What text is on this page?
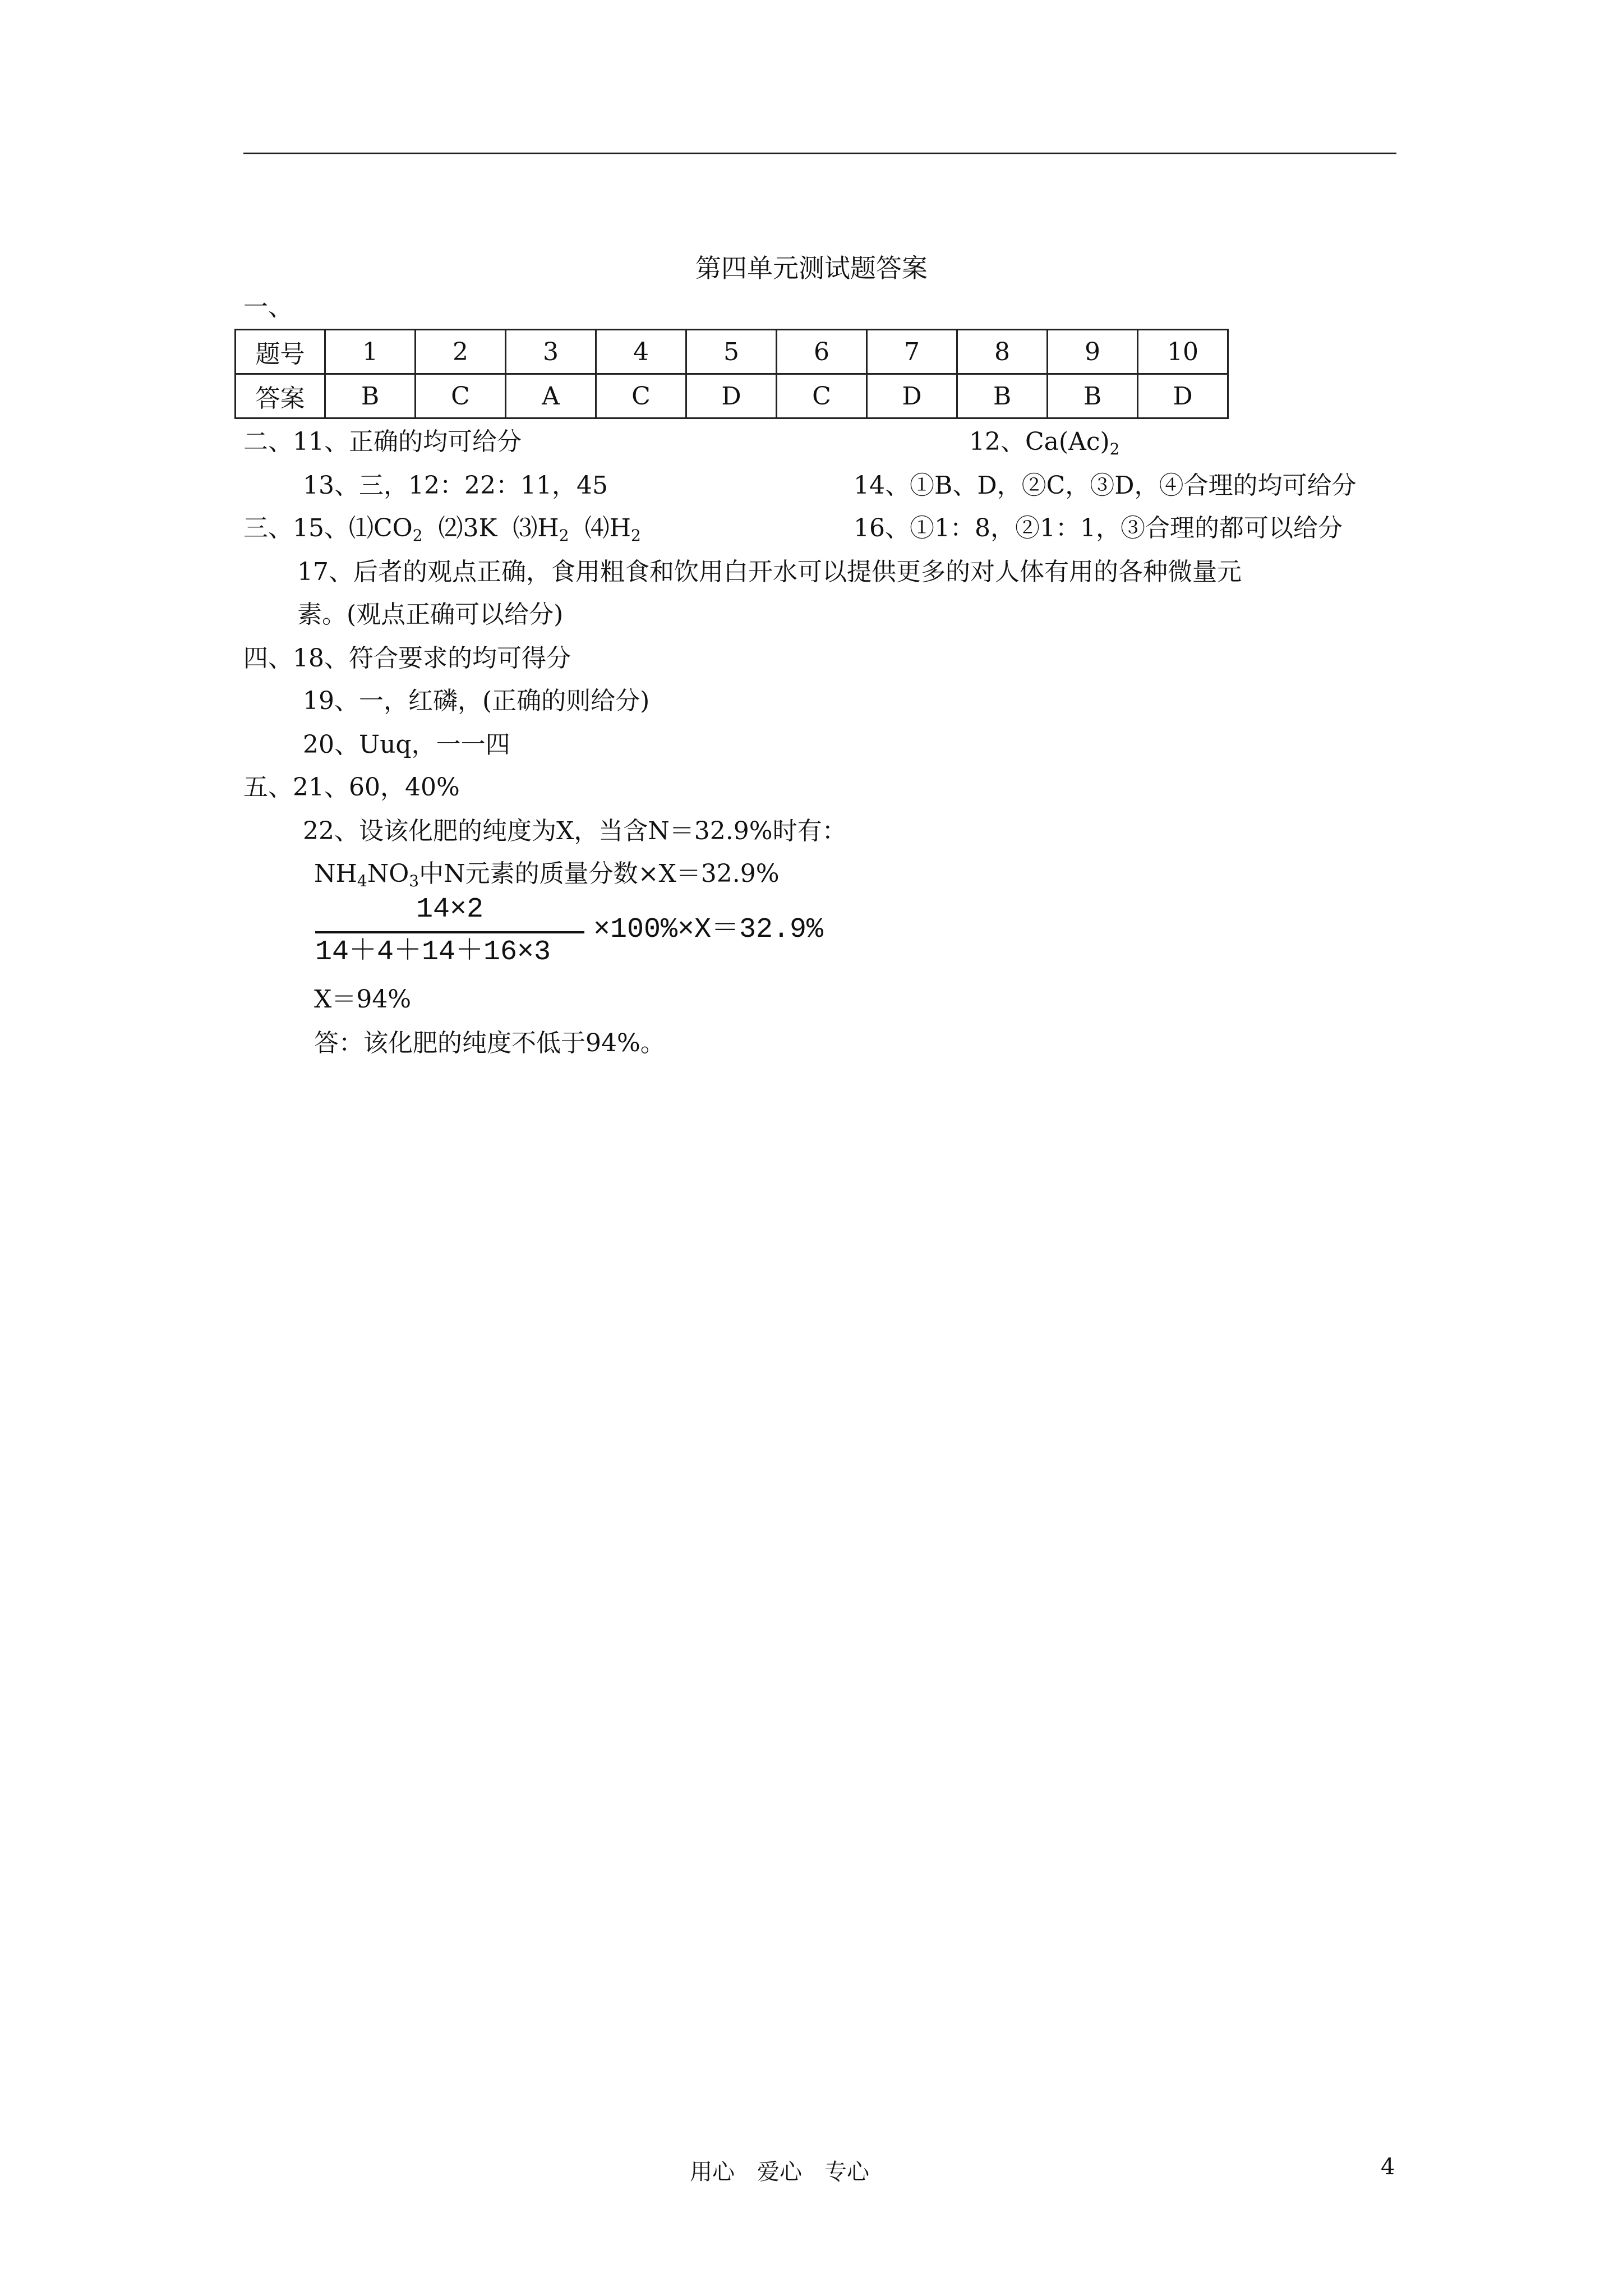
第四单元测试题答案
一、
题号	1	2	3	4	5	6	7	8	9	10
答案	B	C	A	C	D	C	D	B	B	D
二、11、正确的均可给分	12、$Ca(Ac)_2$
13、三，12：22：11，45	14、①B、D，②C，③D，④合理的均可给分
三、15、$⑴CO_2$ ⑵3K $⑶H_2$ $⑷H_2$	16、①1：8，②1：1，③合理的都可以给分
17、后者的观点正确，食用粗食和饮用白开水可以提供更多的对人体有用的各种微量元
素。(观点正确可以给分)
四、18、符合要求的均可得分
19、一，红磷，(正确的则给分)
20、Uuq，一一四
五、21、60，40%
22、设该化肥的纯度为X，当含N＝32.9%时有：
$NH_4NO_3$中N元素的质量分数×X＝32.9%
14×2
14＋4＋14＋16×3
×100%×X＝32.9%
X＝94%
答：该化肥的纯度不低于94%。
用心　爱心　专心	4
